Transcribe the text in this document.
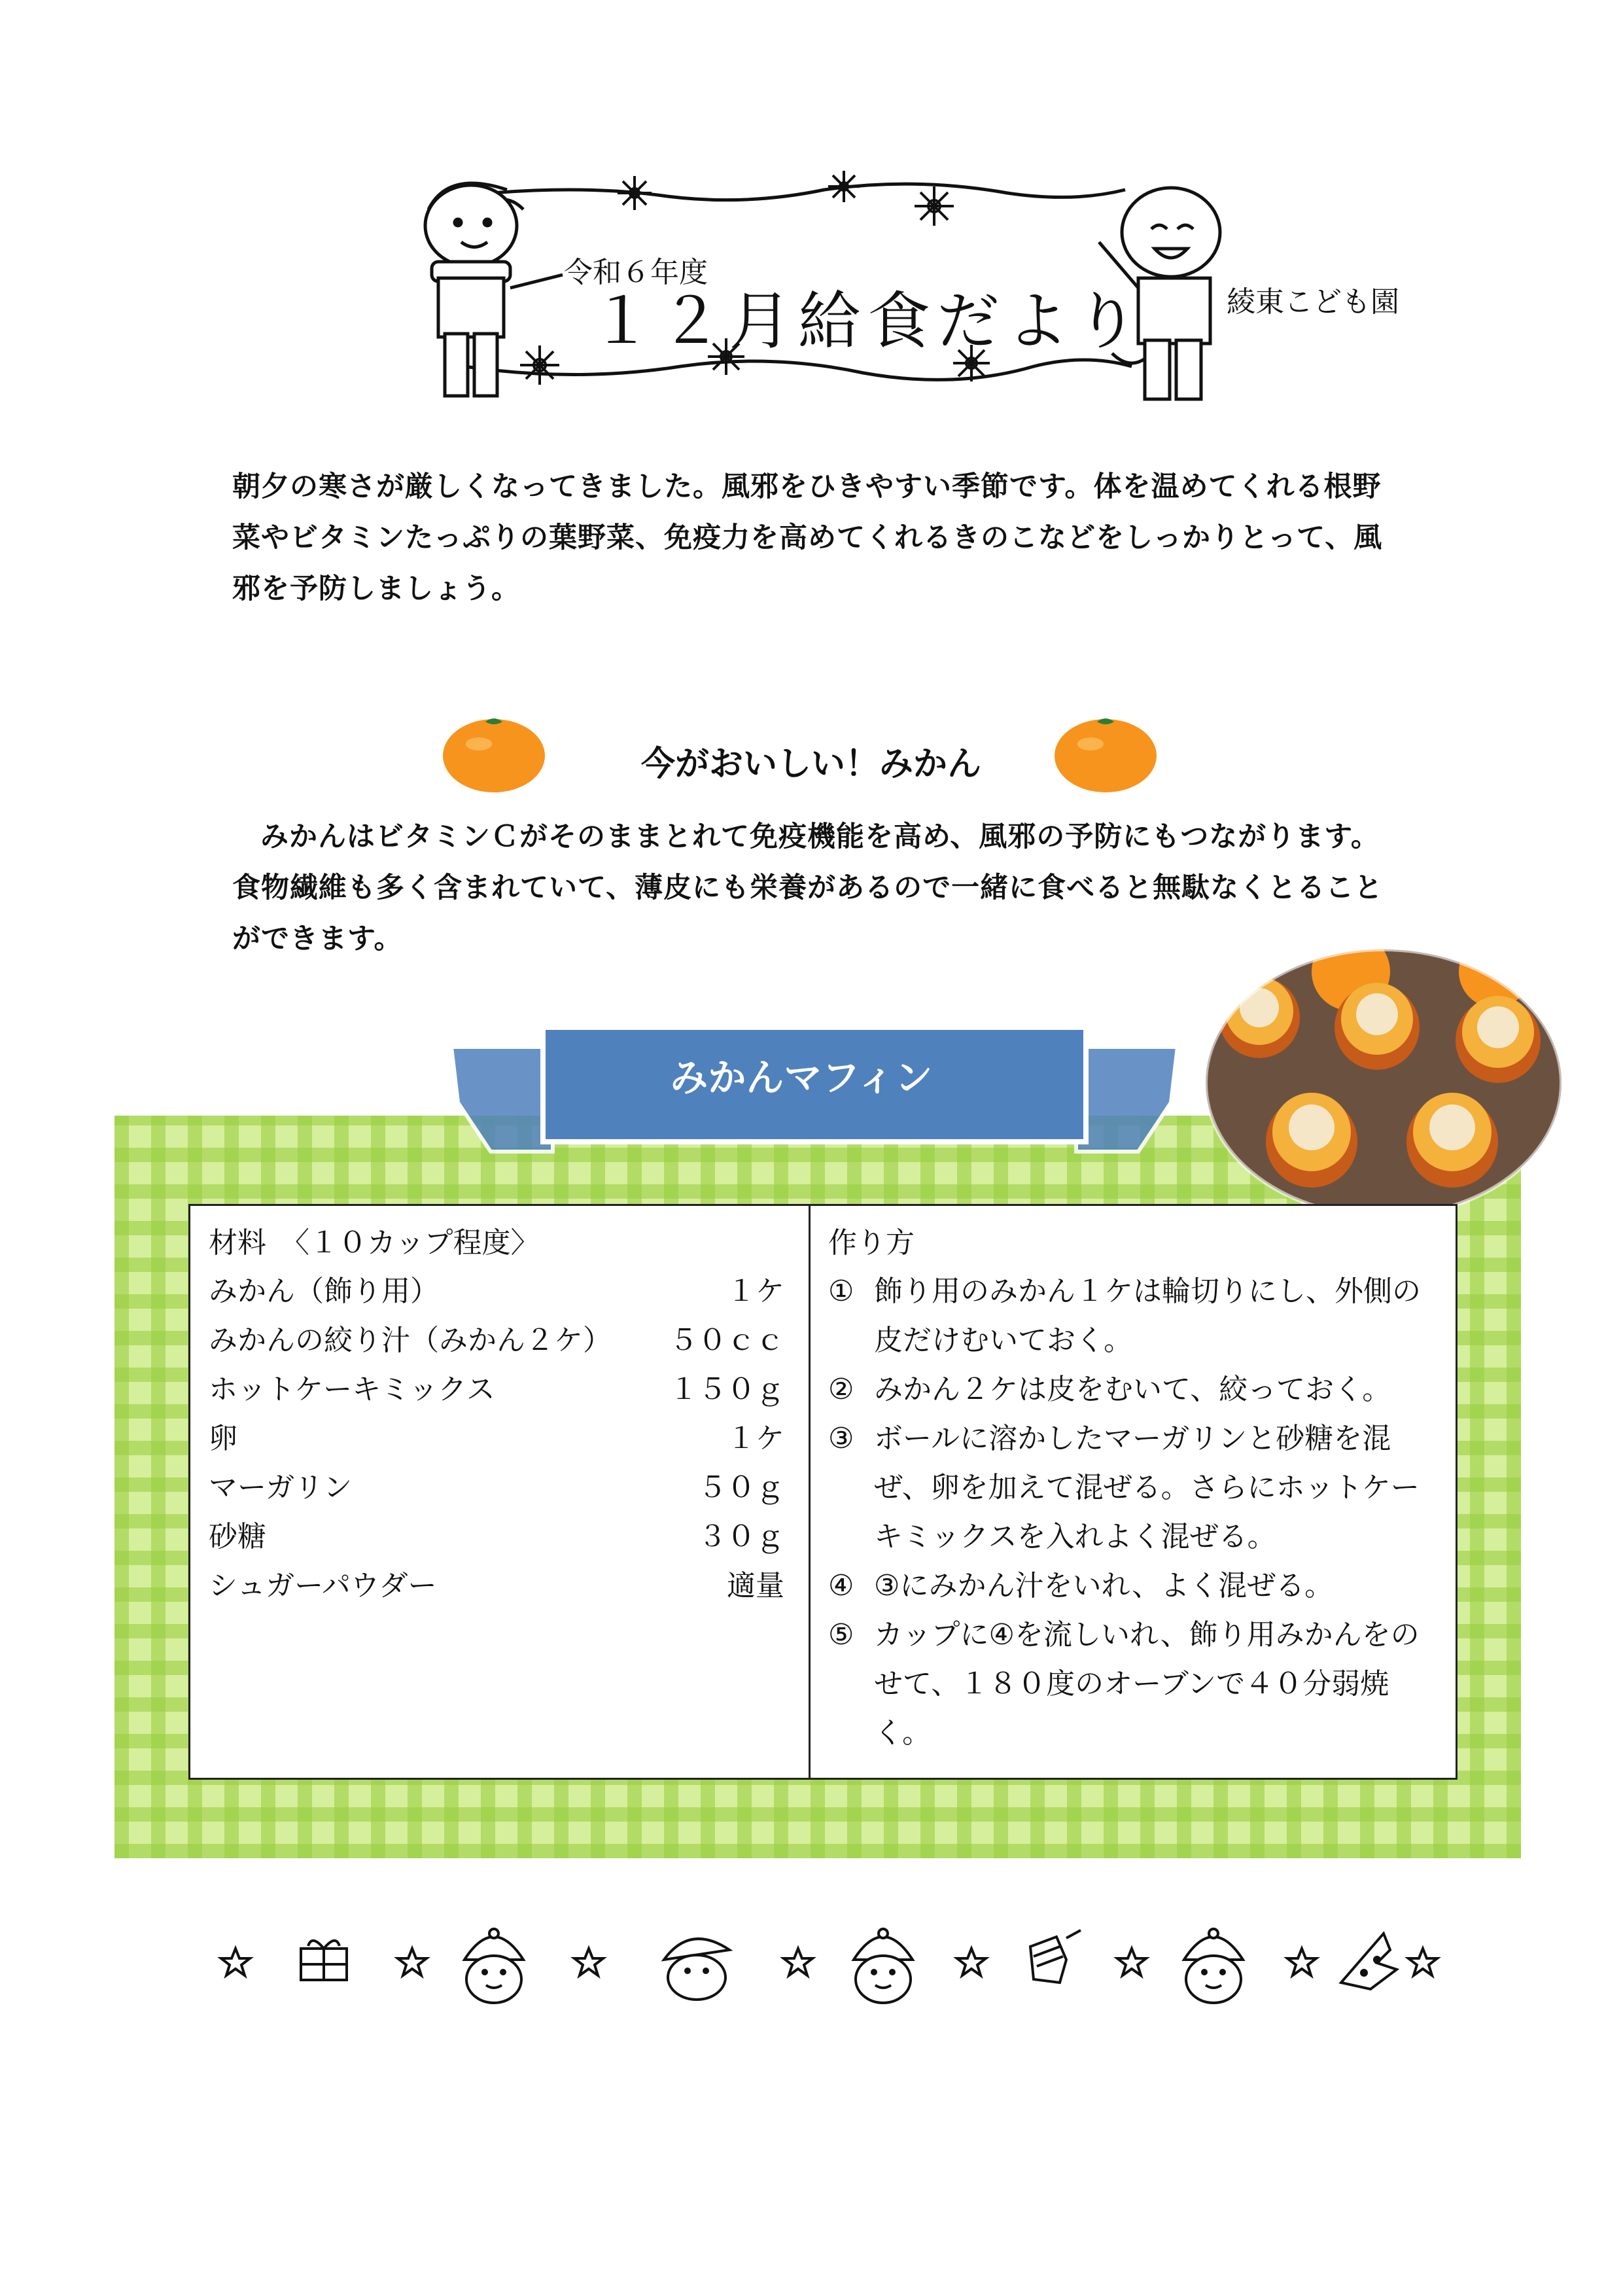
令和６年度
１２月給食だより	綾東こども園
朝夕の寒さが厳しくなってきました。風邪をひきやすい季節です。体を温めてくれる根野菜やビタミンたっぷりの葉野菜、免疫力を高めてくれるきのこなどをしっかりとって、風邪を予防しましょう。
今がおいしい！みかん
みかんはビタミンＣがそのままとれて免疫機能を高め、風邪の予防にもつながります。食物繊維も多く含まれていて、薄皮にも栄養があるので一緒に食べると無駄なくとることができます。
みかんマフィン
材料　〈１０カップ程度〉
みかん（飾り用）	１ケ
みかんの絞り汁（みかん２ケ） ５０ｃｃ
ホットケーキミックス	１５０ｇ
卵	１ケ
マーガリン	５０ｇ
砂糖	３０ｇ
シュガーパウダー	適量
作り方
① 飾り用のみかん１ケは輪切りにし、外側の皮だけむいておく。
② みかん２ケは皮をむいて、絞っておく。
③ ボールに溶かしたマーガリンと砂糖を混ぜ、卵を加えて混ぜる。さらにホットケーキミックスを入れよく混ぜる。
④ ③にみかん汁をいれ、よく混ぜる。
⑤ カップに④を流しいれ、飾り用みかんをのせて、１８０度のオーブンで４０分弱焼く。
